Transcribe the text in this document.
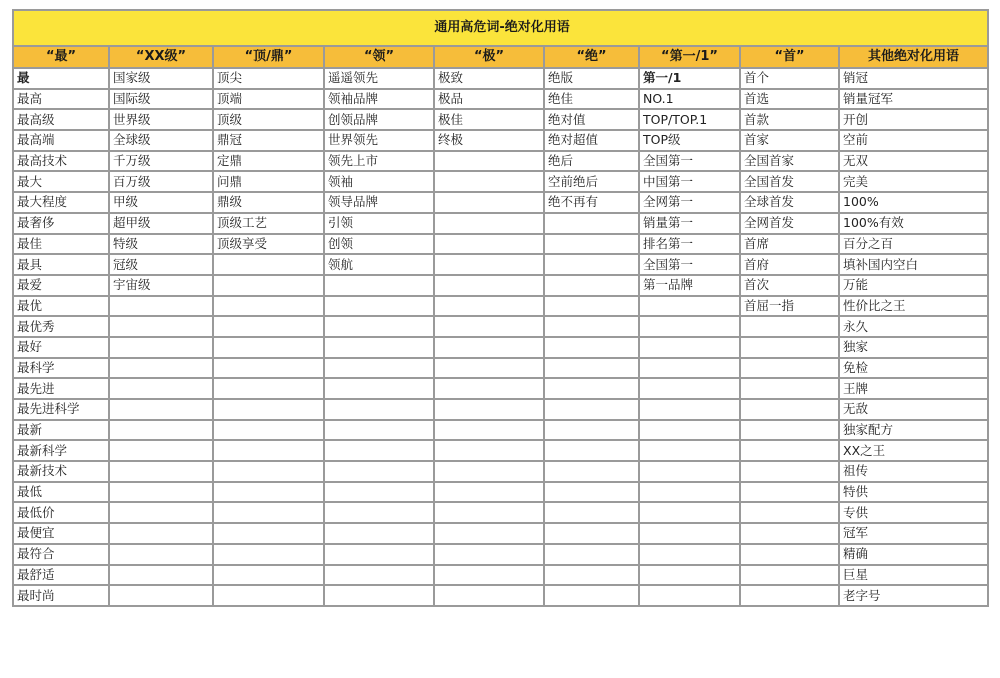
通用高危词-绝对化用语								
“最”	“XX级”	“顶/鼎”	“领”	“极”	“绝”	“第一/1”	“首”	其他绝对化用语
最	国家级	顶尖	遥遥领先	极致	绝版	第一/1	首个	销冠
最高	国际级	顶端	领袖品牌	极品	绝佳	NO.1	首选	销量冠军
最高级	世界级	顶级	创领品牌	极佳	绝对值	TOP/TOP.1	首款	开创
最高端	全球级	鼎冠	世界领先	终极	绝对超值	TOP级	首家	空前
最高技术	千万级	定鼎	领先上市		绝后	全国第一	全国首家	无双
最大	百万级	问鼎	领袖		空前绝后	中国第一	全国首发	完美
最大程度	甲级	鼎级	领导品牌		绝不再有	全网第一	全球首发	100%
最奢侈	超甲级	顶级工艺	引领			销量第一	全网首发	100%有效
最佳	特级	顶级享受	创领			排名第一	首席	百分之百
最具	冠级		领航			全国第一	首府	填补国内空白
最爱	宇宙级					第一品牌	首次	万能
最优							首屈一指	性价比之王
最优秀								永久
最好								独家
最科学								免检
最先进								王牌
最先进科学								无敌
最新								独家配方
最新科学								XX之王
最新技术								祖传
最低								特供
最低价								专供
最便宜								冠军
最符合								精确
最舒适								巨星
最时尚								老字号
